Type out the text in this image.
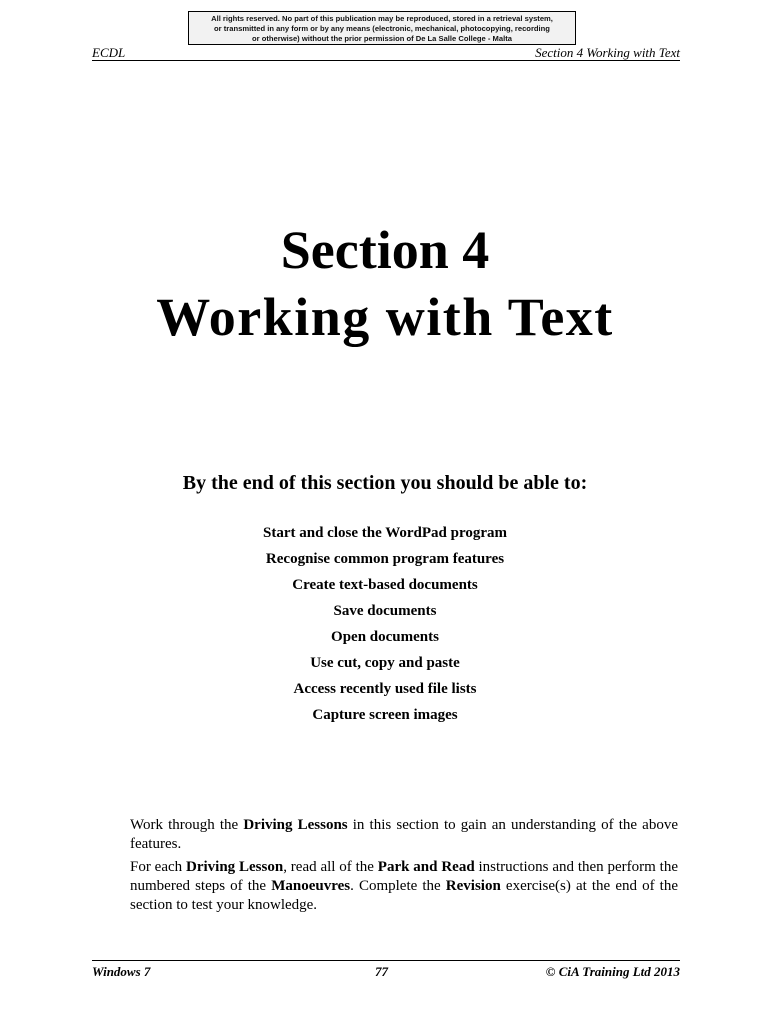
All rights reserved. No part of this publication may be reproduced, stored in a retrieval system,
or transmitted in any form or by any means (electronic, mechanical, photocopying, recording
or otherwise) without the prior permission of De La Salle College - Malta
ECDL	Section 4 Working with Text
Section 4
Working with Text
By the end of this section you should be able to:
Start and close the WordPad program
Recognise common program features
Create text-based documents
Save documents
Open documents
Use cut, copy and paste
Access recently used file lists
Capture screen images

Work through the Driving Lessons in this section to gain an understanding of the above features.

For each Driving Lesson, read all of the Park and Read instructions and then perform the numbered steps of the Manoeuvres. Complete the Revision exercise(s) at the end of the section to test your knowledge.

Windows 7	77	© CiA Training Ltd 2013
